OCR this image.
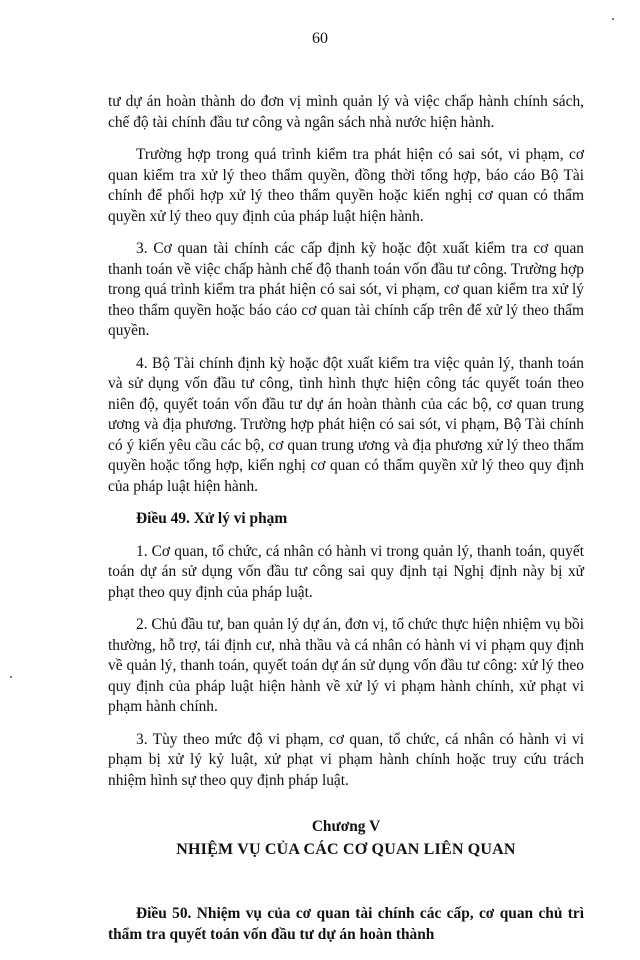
60

tư dự án hoàn thành do đơn vị mình quản lý và việc chấp hành chính sách, chế độ tài chính đầu tư công và ngân sách nhà nước hiện hành.

Trường hợp trong quá trình kiểm tra phát hiện có sai sót, vi phạm, cơ quan kiểm tra xử lý theo thẩm quyền, đồng thời tổng hợp, báo cáo Bộ Tài chính để phối hợp xử lý theo thẩm quyền hoặc kiến nghị cơ quan có thẩm quyền xử lý theo quy định của pháp luật hiện hành.

3. Cơ quan tài chính các cấp định kỳ hoặc đột xuất kiểm tra cơ quan thanh toán về việc chấp hành chế độ thanh toán vốn đầu tư công. Trường hợp trong quá trình kiểm tra phát hiện có sai sót, vi phạm, cơ quan kiểm tra xử lý theo thẩm quyền hoặc báo cáo cơ quan tài chính cấp trên để xử lý theo thẩm quyền.

4. Bộ Tài chính định kỳ hoặc đột xuất kiểm tra việc quản lý, thanh toán và sử dụng vốn đầu tư công, tình hình thực hiện công tác quyết toán theo niên độ, quyết toán vốn đầu tư dự án hoàn thành của các bộ, cơ quan trung ương và địa phương. Trường hợp phát hiện có sai sót, vi phạm, Bộ Tài chính có ý kiến yêu cầu các bộ, cơ quan trung ương và địa phương xử lý theo thẩm quyền hoặc tổng hợp, kiến nghị cơ quan có thẩm quyền xử lý theo quy định của pháp luật hiện hành.

Điều 49. Xử lý vi phạm

1. Cơ quan, tổ chức, cá nhân có hành vi trong quản lý, thanh toán, quyết toán dự án sử dụng vốn đầu tư công sai quy định tại Nghị định này bị xử phạt theo quy định của pháp luật.

2. Chủ đầu tư, ban quản lý dự án, đơn vị, tổ chức thực hiện nhiệm vụ bồi thường, hỗ trợ, tái định cư, nhà thầu và cá nhân có hành vi vi phạm quy định về quản lý, thanh toán, quyết toán dự án sử dụng vốn đầu tư công: xử lý theo quy định của pháp luật hiện hành về xử lý vi phạm hành chính, xử phạt vi phạm hành chính.

3. Tùy theo mức độ vi phạm, cơ quan, tổ chức, cá nhân có hành vi vi phạm bị xử lý kỷ luật, xử phạt vi phạm hành chính hoặc truy cứu trách nhiệm hình sự theo quy định pháp luật.

Chương V
NHIỆM VỤ CỦA CÁC CƠ QUAN LIÊN QUAN

Điều 50. Nhiệm vụ của cơ quan tài chính các cấp, cơ quan chủ trì thẩm tra quyết toán vốn đầu tư dự án hoàn thành
